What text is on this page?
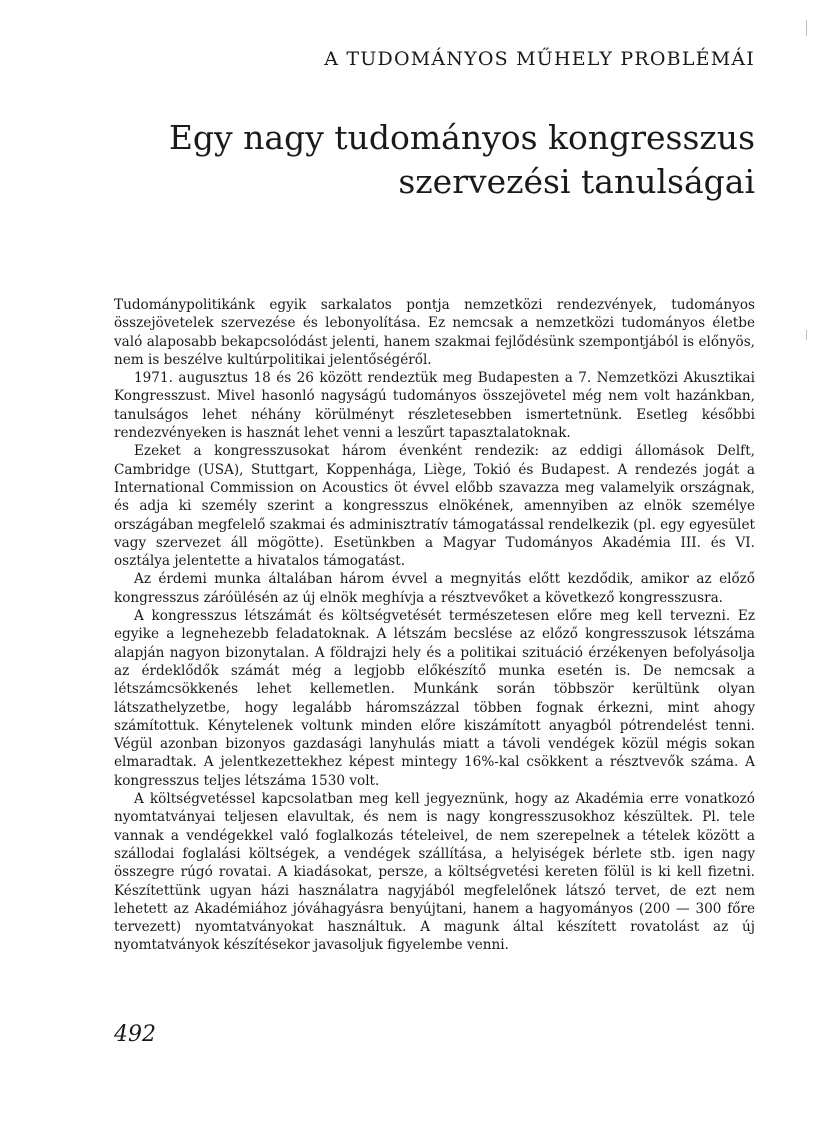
A TUDOMÁNYOS MŰHELY PROBLÉMÁI
Egy nagy tudományos kongresszus
szervezési tanulságai

Tudománypolitikánk egyik sarkalatos pontja nemzetközi rendezvények, tudományos összejövetelek szervezése és lebonyolítása. Ez nemcsak a nemzetközi tudományos életbe való alaposabb bekapcsolódást jelenti, hanem szakmai fejlődésünk szempontjából is előnyös, nem is beszélve kultúrpolitikai jelentőségéről.

1971. augusztus 18 és 26 között rendeztük meg Budapesten a 7. Nemzetközi Akusztikai Kongresszust. Mivel hasonló nagyságú tudományos összejövetel még nem volt hazánkban, tanulságos lehet néhány körülményt részletesebben ismertetnünk. Esetleg későbbi rendezvényeken is hasznát lehet venni a leszűrt tapasztalatoknak.

Ezeket a kongresszusokat három évenként rendezik: az eddigi állomások Delft, Cambridge (USA), Stuttgart, Koppenhága, Liège, Tokió és Budapest. A rendezés jogát a International Commission on Acoustics öt évvel előbb szavazza meg valamelyik országnak, és adja ki személy szerint a kongresszus elnökének, amennyiben az elnök személye országában megfelelő szakmai és adminisztratív támogatással rendelkezik (pl. egy egyesület vagy szervezet áll mögötte). Esetünkben a Magyar Tudományos Akadémia III. és VI. osztálya jelentette a hivatalos támogatást.

Az érdemi munka általában három évvel a megnyitás előtt kezdődik, amikor az előző kongresszus záróülésén az új elnök meghívja a résztvevőket a következő kongresszusra.

A kongresszus létszámát és költségvetését természetesen előre meg kell tervezni. Ez egyike a legnehezebb feladatoknak. A létszám becslése az előző kongresszusok létszáma alapján nagyon bizonytalan. A földrajzi hely és a politikai szituáció érzékenyen befolyásolja az érdeklődők számát még a legjobb előkészítő munka esetén is. De nemcsak a létszámcsökkenés lehet kellemetlen. Munkánk során többször kerültünk olyan látszathelyzetbe, hogy legalább háromszázzal többen fognak érkezni, mint ahogy számítottuk. Kénytelenek voltunk minden előre kiszámított anyagból pótrendelést tenni. Végül azonban bizonyos gazdasági lanyhulás miatt a távoli vendégek közül mégis sokan elmaradtak. A jelentkezettekhez képest mintegy 16%-kal csökkent a résztvevők száma. A kongresszus teljes létszáma 1530 volt.

A költségvetéssel kapcsolatban meg kell jegyeznünk, hogy az Akadémia erre vonatkozó nyomtatványai teljesen elavultak, és nem is nagy kongresszusokhoz készültek. Pl. tele vannak a vendégekkel való foglalkozás tételeivel, de nem szerepelnek a tételek között a szállodai foglalási költségek, a vendégek szállítása, a helyiségek bérlete stb. igen nagy összegre rúgó rovatai. A kiadásokat, persze, a költségvetési kereten fölül is ki kell fizetni. Készítettünk ugyan házi használatra nagyjából megfelelőnek látszó tervet, de ezt nem lehetett az Akadémiához jóváhagyásra benyújtani, hanem a hagyományos (200 — 300 főre tervezett) nyomtatványokat használtuk. A magunk által készített rovatolást az új nyomtatványok készítésekor javasoljuk figyelembe venni.

492
